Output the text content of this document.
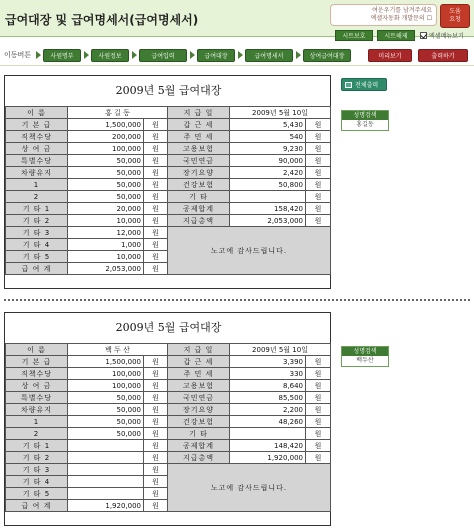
급여대장 및 급여명세서(급여명세서)
여운우기를 남겨주세요
엑셀자동화 개발문의 ☐
도움
요청
시트보호	시트해제	엑셀메뉴보기
이동버튼	사원명부	사원정보	급여입력	급여대장	급여명세서	상여급여대장	미리보기	출력하기
전체출력
성명검색
홍길동
성명검색
백두산
2009년 5월 급여대장
이 름	홍 길 동		지 급 일	2009년 5월 10일	
기 본 급	1,500,000	원	갑 근 세	5,430	원
직책수당	200,000	원	주 민 세	540	원
상 여 금	100,000	원	고용보험	9,230	원
특별수당	50,000	원	국민연금	90,000	원
차량유지	50,000	원	장기요양	2,420	원
1	50,000	원	건강보험	50,800	원
2	50,000	원	기 타		원
기 타 1	20,000	원	공제합계	158,420	원
기 타 2	10,000	원	지급총액	2,053,000	원
기 타 3	12,000	원	노고에 감사드립니다.		
기 타 4	1,000	원			
기 타 5	10,000	원			
급 여 계	2,053,000	원			
2009년 5월 급여대장
이 름	백 두 산		지 급 일	2009년 5월 10일	
기 본 급	1,500,000	원	갑 근 세	3,390	원
직책수당	100,000	원	주 민 세	330	원
상 여 금	100,000	원	고용보험	8,640	원
특별수당	50,000	원	국민연금	85,500	원
차량유지	50,000	원	장기요양	2,200	원
1	50,000	원	건강보험	48,260	원
2	50,000	원	기 타		원
기 타 1		원	공제합계	148,420	원
기 타 2		원	지급총액	1,920,000	원
기 타 3		원	노고에 감사드립니다.		
기 타 4		원			
기 타 5		원			
급 여 계	1,920,000	원			
